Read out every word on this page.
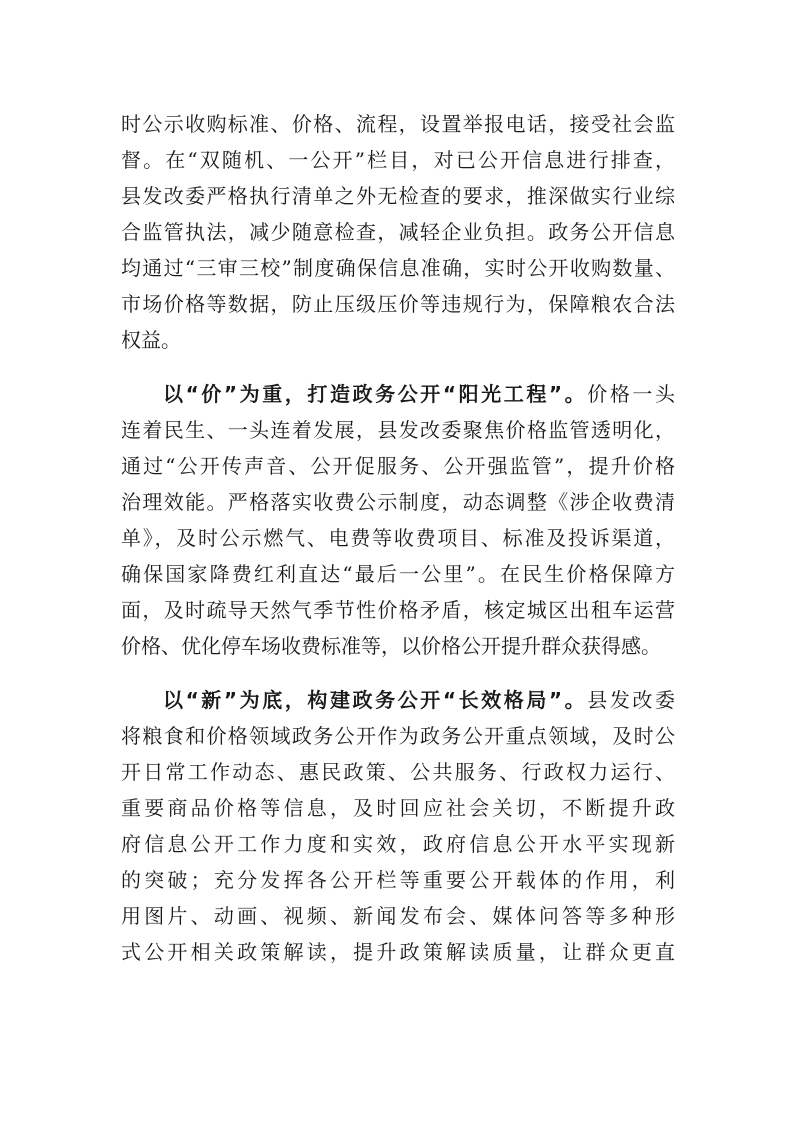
时公示收购标准、价格、流程，设置举报电话，接受社会监
督。在“双随机、一公开”栏目，对已公开信息进行排查，
县发改委严格执行清单之外无检查的要求，推深做实行业综
合监管执法，减少随意检查，减轻企业负担。政务公开信息
均通过“三审三校”制度确保信息准确，实时公开收购数量、
市场价格等数据，防止压级压价等违规行为，保障粮农合法
权益。
以“价”为重，打造政务公开“阳光工程”。价格一头
连着民生、一头连着发展，县发改委聚焦价格监管透明化，
通过“公开传声音、公开促服务、公开强监管”，提升价格
治理效能。严格落实收费公示制度，动态调整《涉企收费清
单》，及时公示燃气、电费等收费项目、标准及投诉渠道，
确保国家降费红利直达“最后一公里”。在民生价格保障方
面，及时疏导天然气季节性价格矛盾，核定城区出租车运营
价格、优化停车场收费标准等，以价格公开提升群众获得感。
以“新”为底，构建政务公开“长效格局”。县发改委
将粮食和价格领域政务公开作为政务公开重点领域，及时公
开日常工作动态、惠民政策、公共服务、行政权力运行、
重要商品价格等信息，及时回应社会关切，不断提升政
府信息公开工作力度和实效，政府信息公开水平实现新
的突破；充分发挥各公开栏等重要公开载体的作用，利
用图片、动画、视频、新闻发布会、媒体问答等多种形
式公开相关政策解读，提升政策解读质量，让群众更直
